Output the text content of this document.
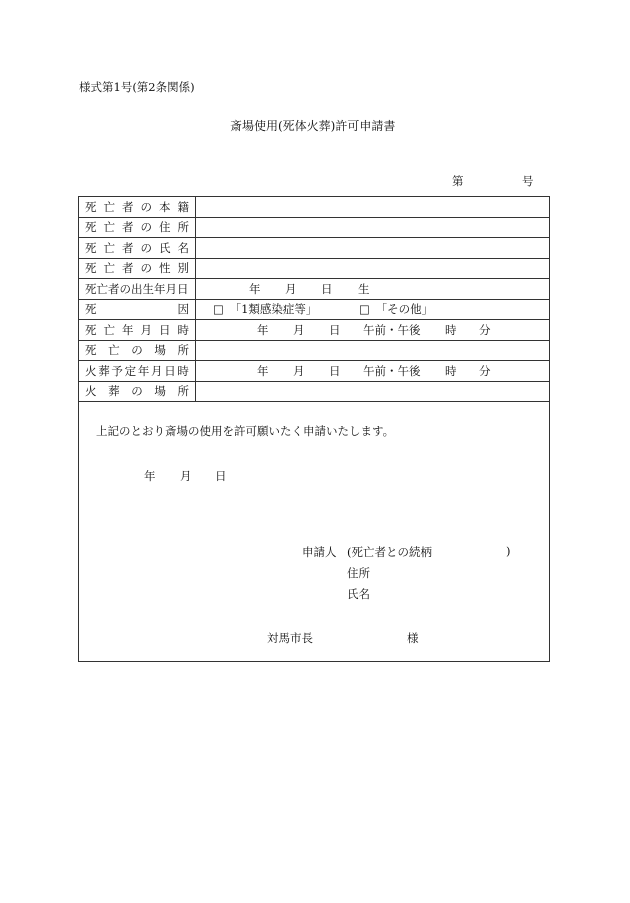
様式第1号(第2条関係)
斎場使用(死体火葬)許可申請書
第	号
死 亡 者 の 本 籍
死 亡 者 の 住 所
死 亡 者 の 氏 名
死 亡 者 の 性 別
死亡者の出生年月日	年 月 日 生
死	因 □　「1類感染症等」	□　「その他」
死 亡 年 月 日 時	年 月 日 午前・午後 時 分
死 亡 の 場 所
火 葬 予 定 年 月 日 時	年 月 日 午前・午後 時 分
火 葬 の 場 所
上記のとおり斎場の使用を許可願いたく申請いたします。
年 月 日
申請人 (死亡者との続柄	)
住所
氏名
対馬市長	様
